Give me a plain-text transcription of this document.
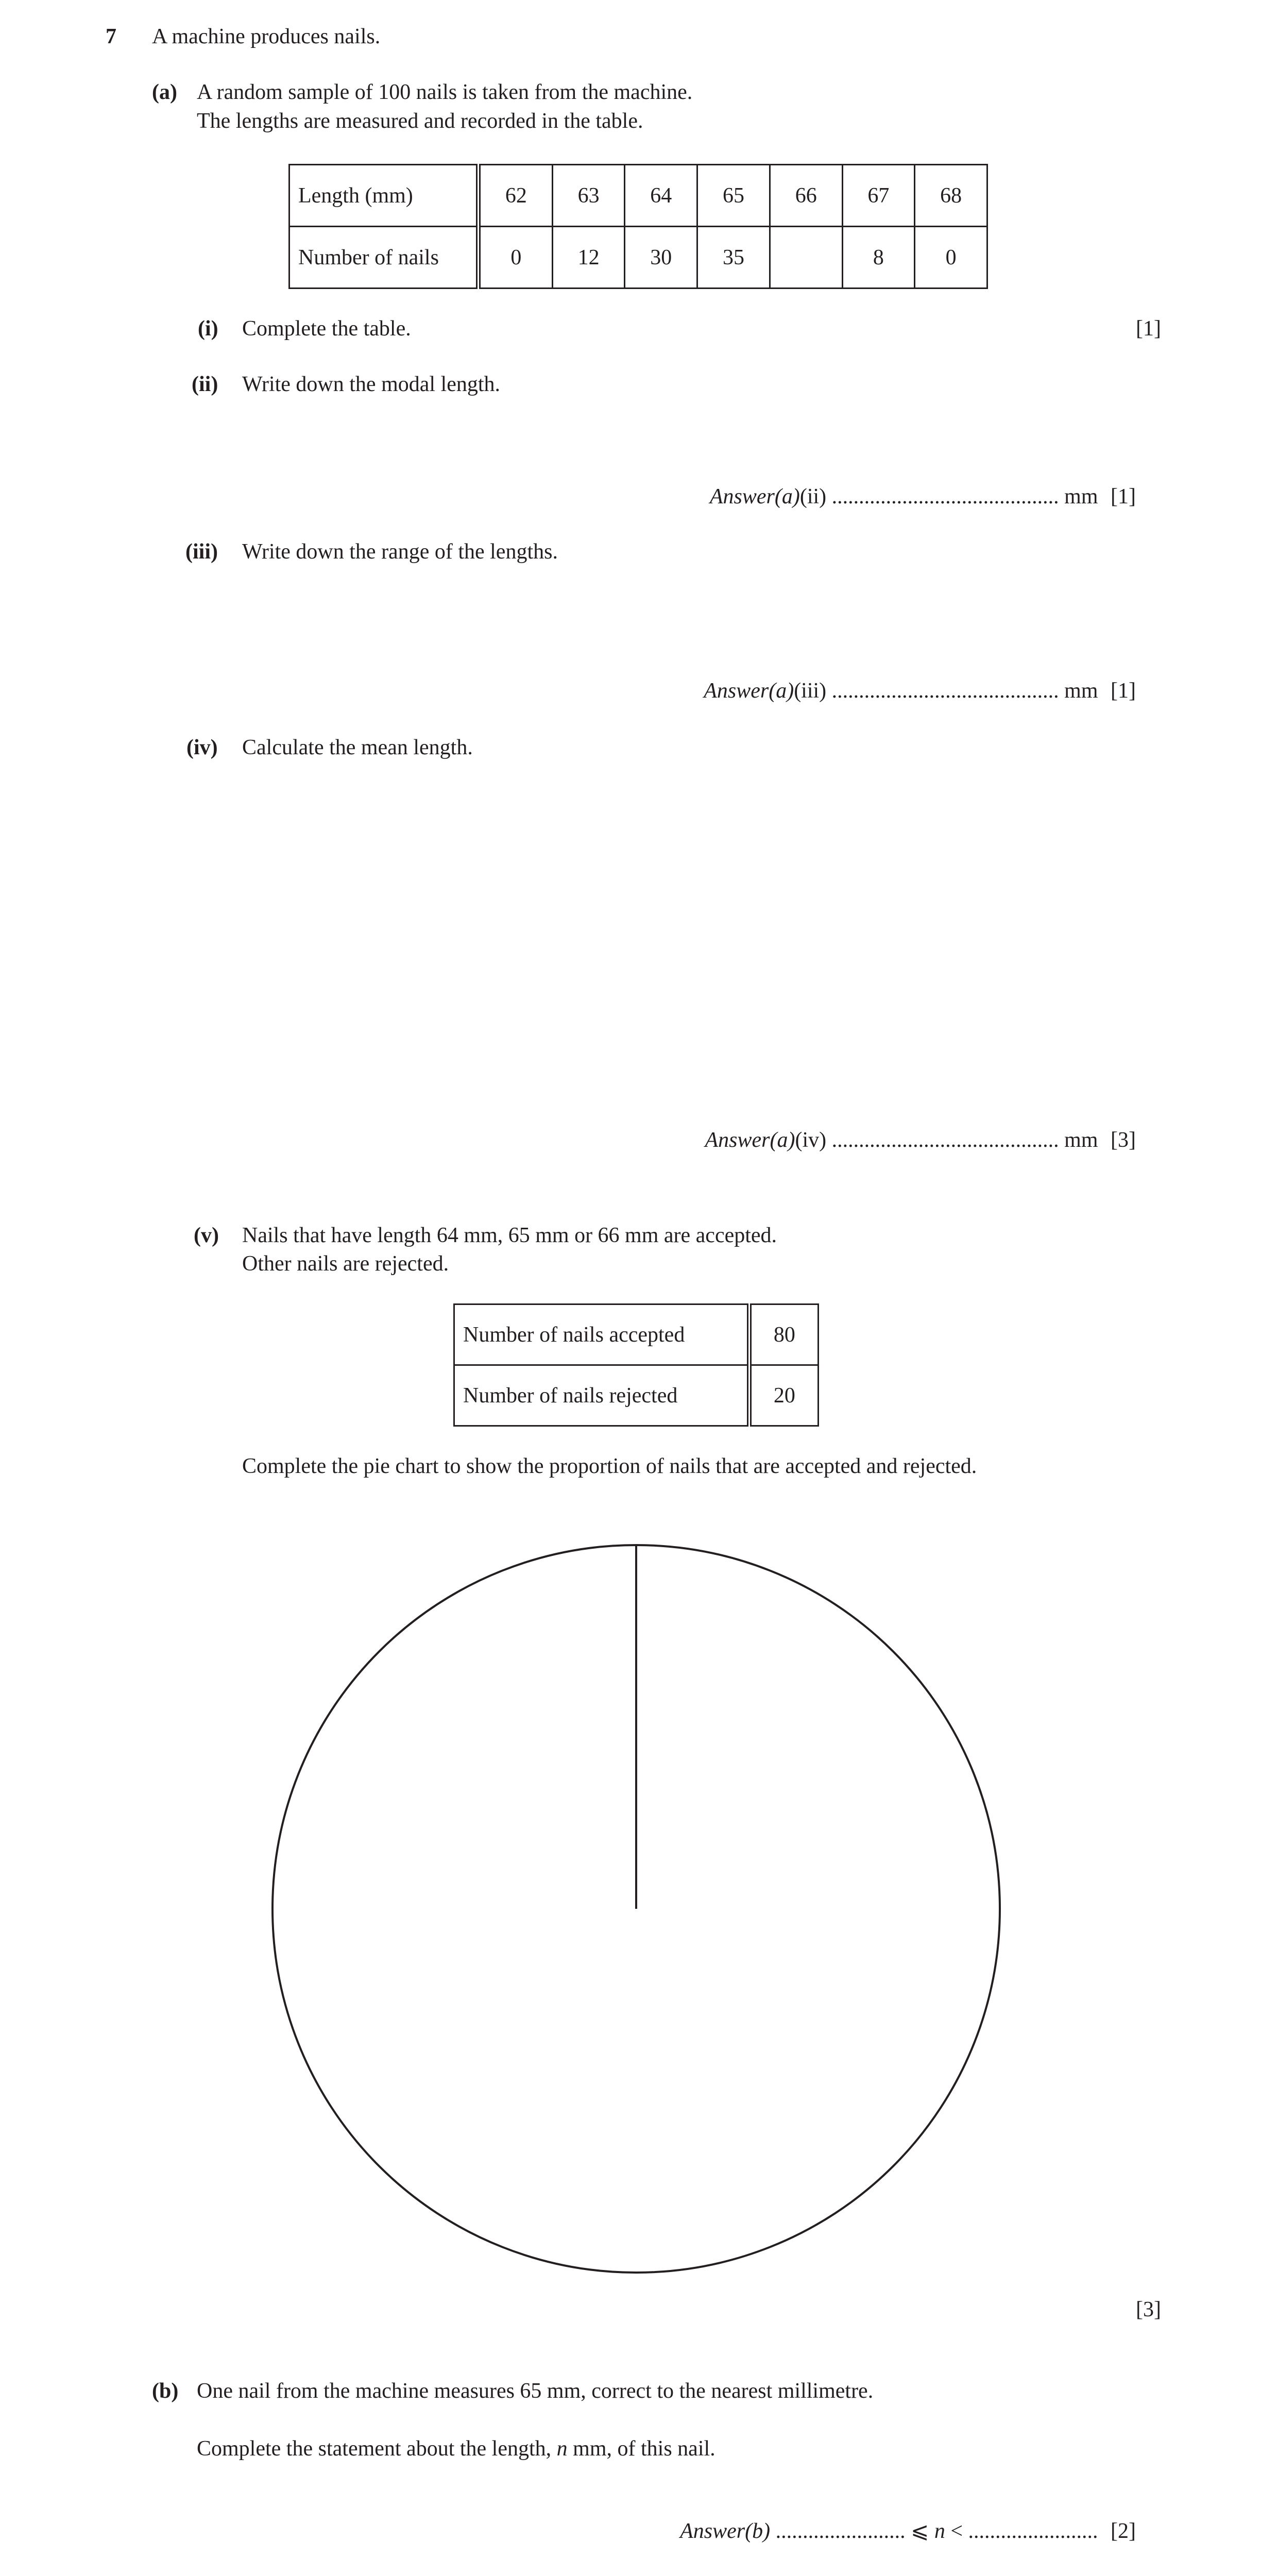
7 A machine produces nails.
(a) A random sample of 100 nails is taken from the machine.
The lengths are measured and recorded in the table.
Length (mm)	62	63	64	65	66	67	68
Number of nails	0	12	30	35		8	0
(i) Complete the table.	[1]
(ii) Write down the modal length.
Answer(a)(ii) .......................................... mm [1]
(iii) Write down the range of the lengths.
Answer(a)(iii) .......................................... mm [1]
(iv) Calculate the mean length.
Answer(a)(iv) .......................................... mm [3]
(v) Nails that have length 64 mm, 65 mm or 66 mm are accepted.
Other nails are rejected.
Number of nails accepted	80
Number of nails rejected	20
Complete the pie chart to show the proportion of nails that are accepted and rejected.
[3]
(b) One nail from the machine measures 65 mm, correct to the nearest millimetre.
Complete the statement about the length, n mm, of this nail.
Answer(b) ........................ ⩽ n < ........................ [2]
